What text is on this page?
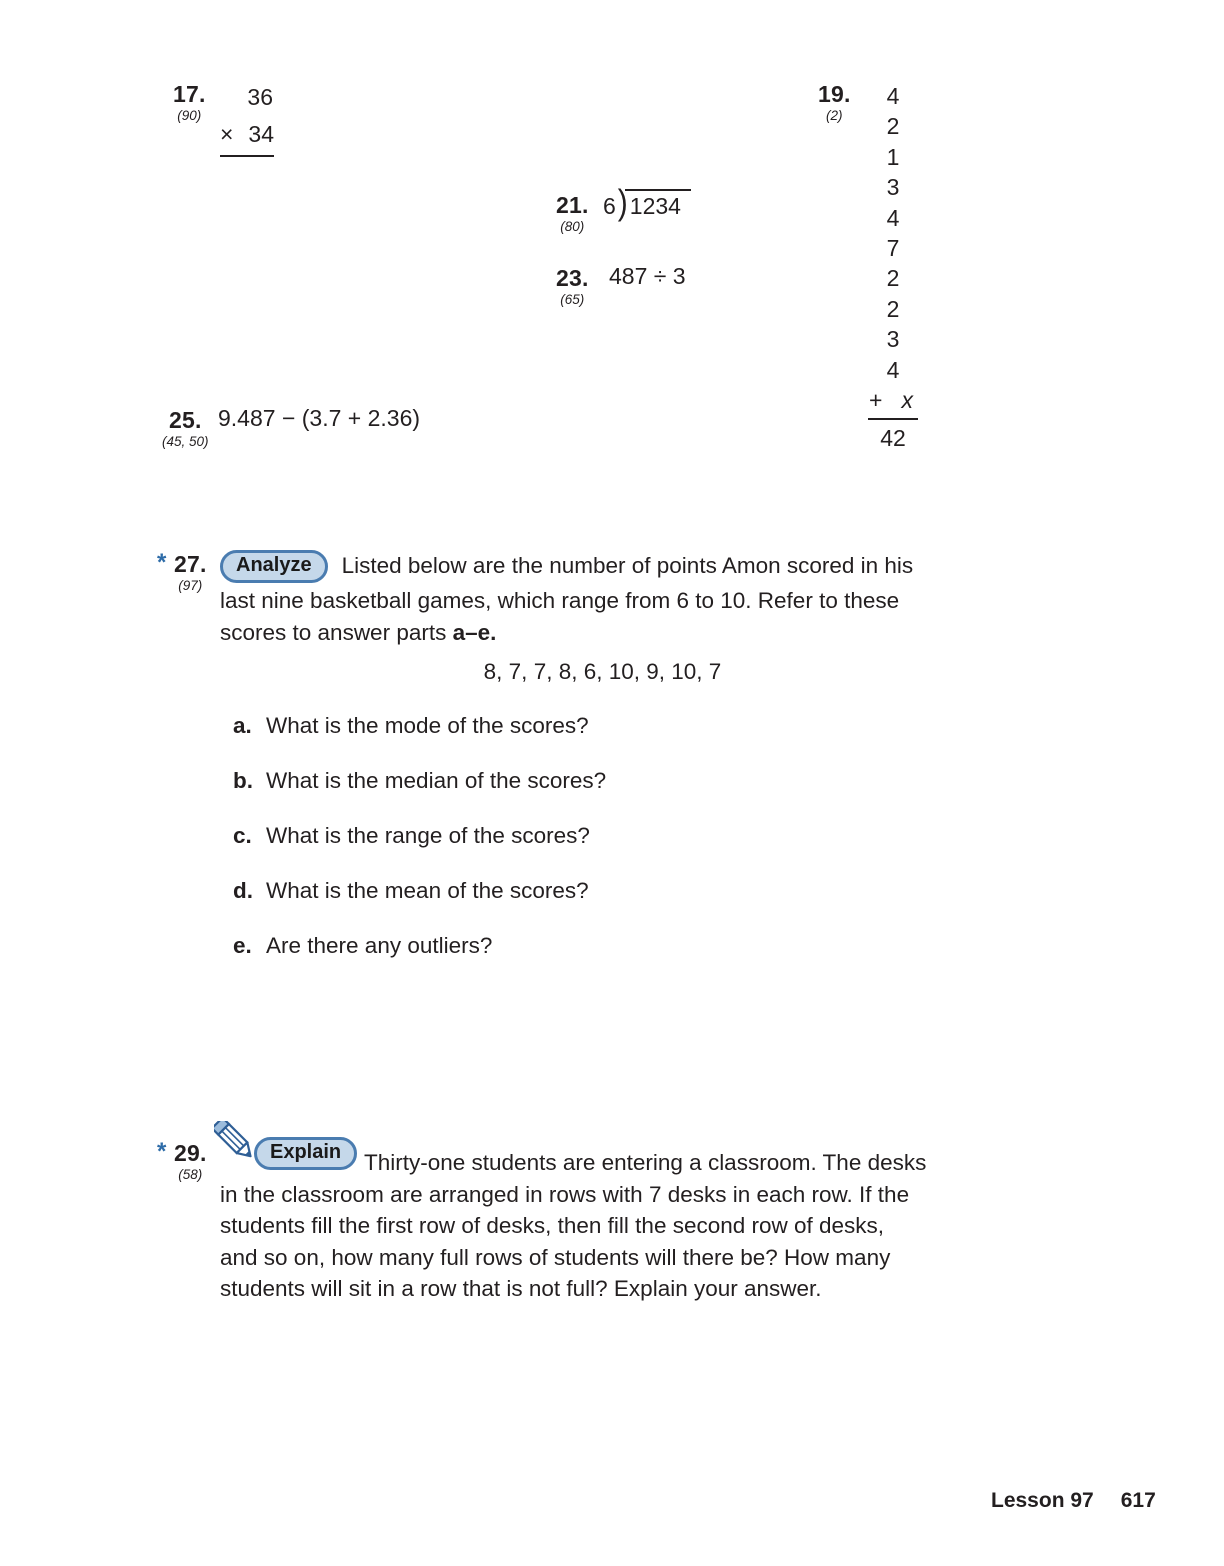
17.
(90)
36
× 34
19.
(2)
4
2
1
3
4
7
2
2
3
4
+ x
42
21.
(80)
6)1234
23.
(65)
487 ÷ 3
25.
(45, 50)
9.487 − (3.7 + 2.36)
* 27.
(97)
Analyze Listed below are the number of points Amon scored in his
last nine basketball games, which range from 6 to 10. Refer to these
scores to answer parts a–e.
8, 7, 7, 8, 6, 10, 9, 10, 7
a. What is the mode of the scores?
b. What is the median of the scores?
c. What is the range of the scores?
d. What is the mean of the scores?
e. Are there any outliers?
* 29.
(58)
Explain	Thirty-one students are entering a classroom. The desks
in the classroom are arranged in rows with 7 desks in each row. If the
students fill the first row of desks, then fill the second row of desks,
and so on, how many full rows of students will there be? How many
students will sit in a row that is not full? Explain your answer.
Lesson 97 617
